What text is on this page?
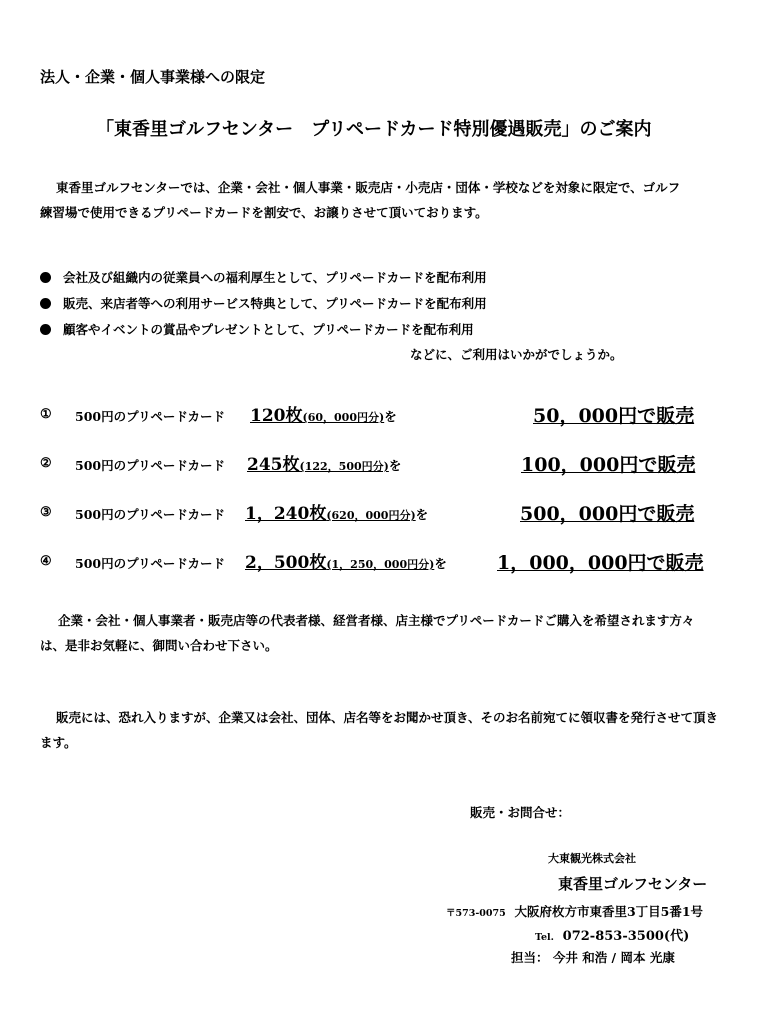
法人・企業・個人事業様への限定
「東香里ゴルフセンター　プリペードカード特別優遇販売」のご案内
東香里ゴルフセンターでは、企業・会社・個人事業・販売店・小売店・団体・学校などを対象に限定で、ゴルフ
練習場で使用できるプリペードカードを割安で、お譲りさせて頂いております。
会社及び組織内の従業員への福利厚生として、プリペードカードを配布利用
販売、来店者等への利用サービス特典として、プリペードカードを配布利用
顧客やイベントの賞品やプレゼントとして、プリペードカードを配布利用
などに、ご利用はいかがでしょうか。
① 500円のプリペードカード 120枚(60，000円分)を	50，000円で販売
② 500円のプリペードカード 245枚(122，500円分)を	100，000円で販売
③ 500円のプリペードカード 1，240枚(620，000円分)を	500，000円で販売
④ 500円のプリペードカード 2，500枚(1，250，000円分)を	1，000，000円で販売
企業・会社・個人事業者・販売店等の代表者様、経営者様、店主様でプリペードカードご購入を希望されます方々
は、是非お気軽に、御問い合わせ下さい。
販売には、恐れ入りますが、企業又は会社、団体、店名等をお聞かせ頂き、そのお名前宛てに領収書を発行させて頂き
ます。
販売・お問合せ：
大東観光株式会社
東香里ゴルフセンター
〒573-0075 大阪府枚方市東香里3丁目5番1号
Tel. 072-853-3500(代)
担当： 今井 和浩 / 岡本 光康
